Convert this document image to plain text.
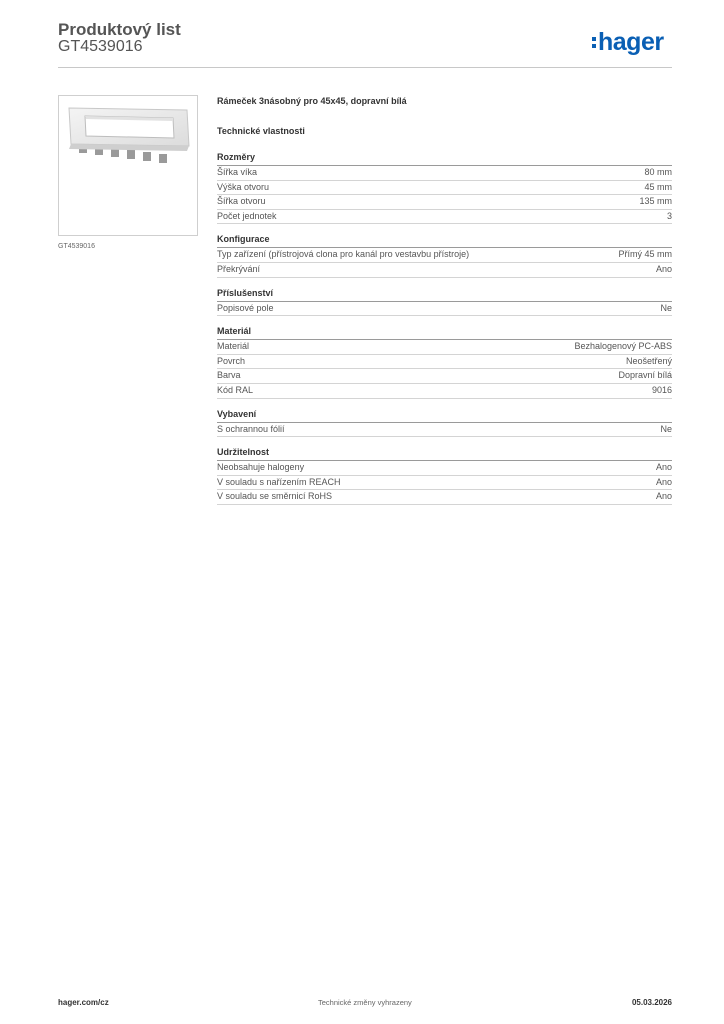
Produktový list
GT4539016	hager
GT4539016
Rámeček 3násobný pro 45x45, dopravní bílá
Technické vlastnosti
Rozměry
Šířka víka	80 mm
Výška otvoru	45 mm
Šířka otvoru	135 mm
Počet jednotek	3
Konfigurace
Typ zařízení (přístrojová clona pro kanál pro vestavbu přístroje)	Přímý 45 mm
Překrývání	Ano
Příslušenství
Popisové pole	Ne
Materiál
Materiál	Bezhalogenový PC-ABS
Povrch	Neošetřený
Barva	Dopravní bílá
Kód RAL	9016
Vybavení
S ochrannou fólií	Ne
Udržitelnost
Neobsahuje halogeny	Ano
V souladu s nařízením REACH	Ano
V souladu se směrnicí RoHS	Ano
hager.com/cz	Technické změny vyhrazeny	05.03.2026
